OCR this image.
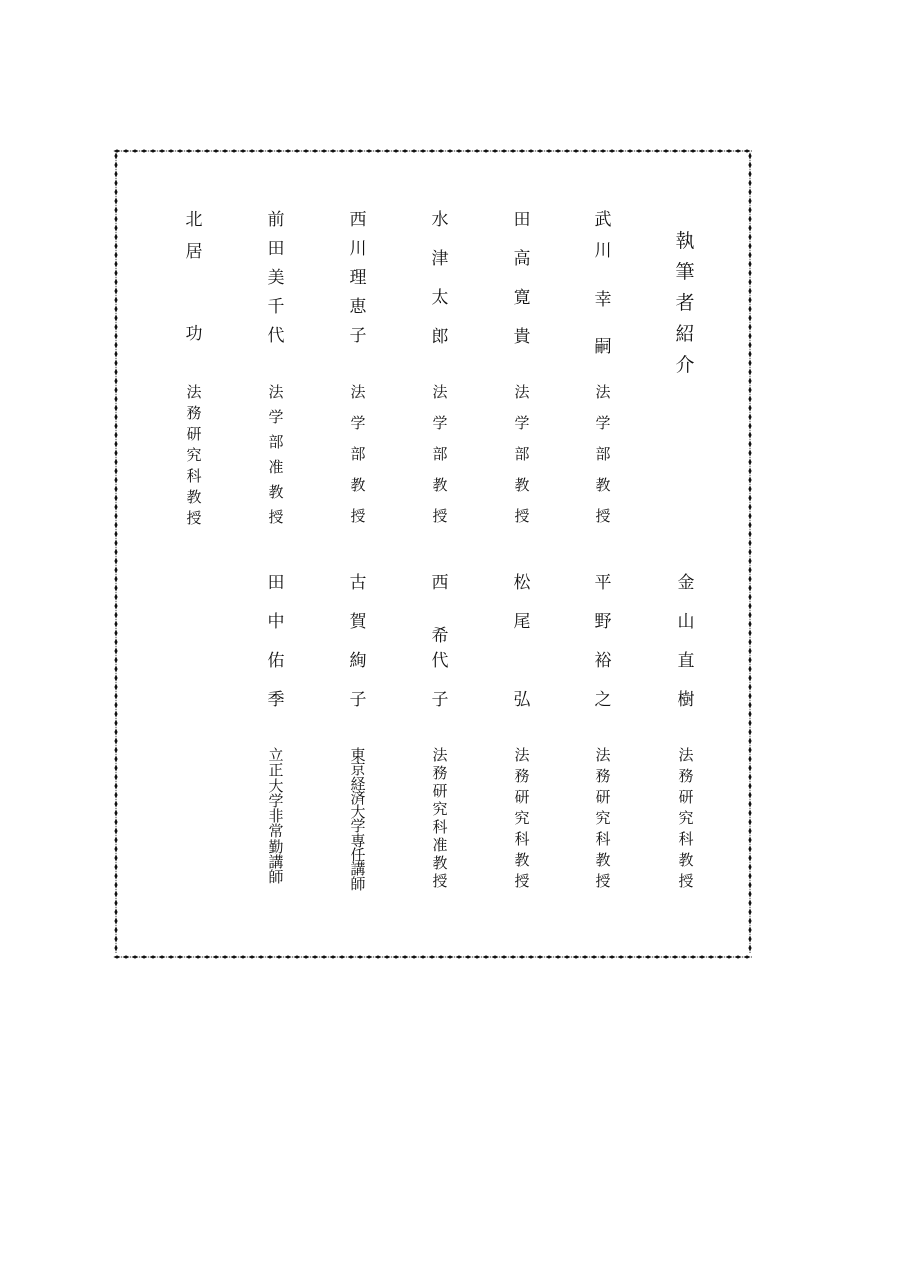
執
筆
者
紹
介
武
川
幸
嗣
田
高
寛
貴
水
津
太
郎
西
川
理
恵
子
前
田
美
千
代
北
居
功
法
学
部
教
授
法
学
部
教
授
法
学
部
教
授
法
学
部
教
授
法
学
部
准
教
授
法
務
研
究
科
教
授
金
山
直
樹
平
野
裕
之
松
尾
弘
西
希
代
子
古
賀
絢
子
田
中
佑
季
法
務
研
究
科
教
授
法
務
研
究
科
教
授
法
務
研
究
科
教
授
法
務
研
究
科
准
教
授
東
京
経
済
大
学
専
任
講
師
立
正
大
学
非
常
勤
講
師
